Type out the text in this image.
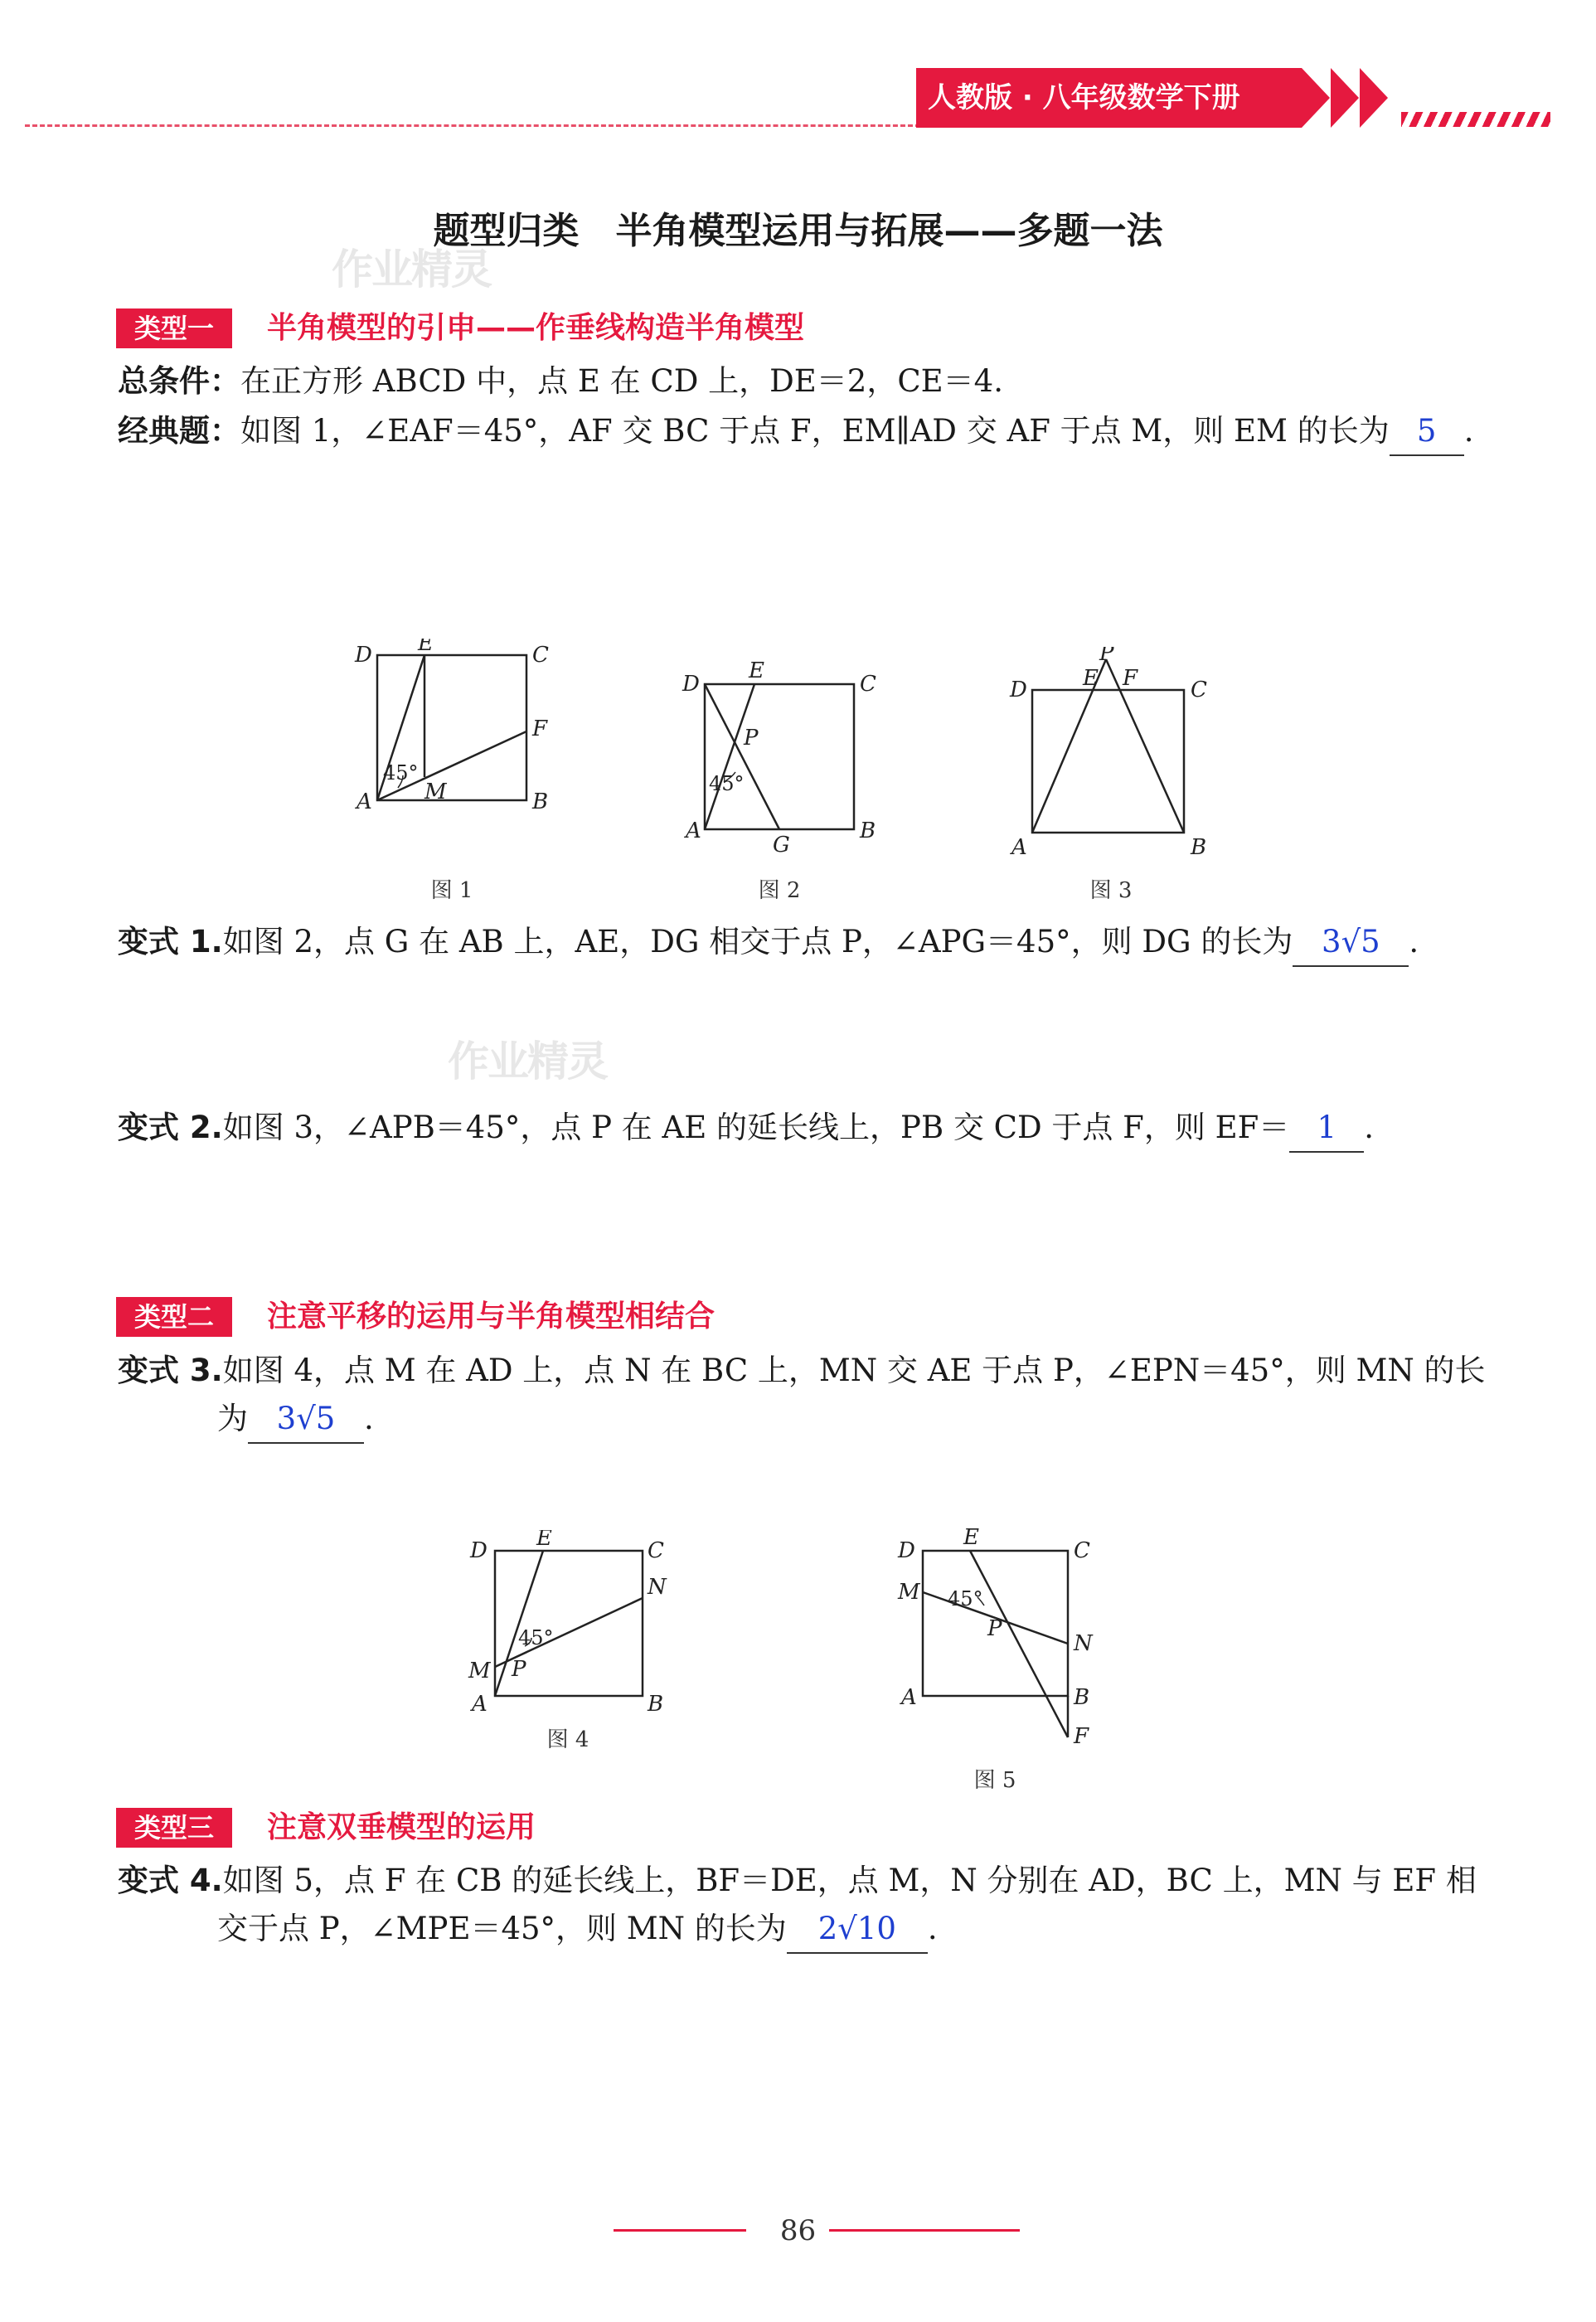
人教版 · 八年级数学下册
题型归类　半角模型运用与拓展——多题一法
作业精灵
作业精灵
类型一	半角模型的引申——作垂线构造半角模型
总条件：在正方形 ABCD 中，点 E 在 CD 上，DE＝2，CE＝4.
经典题：如图 1，∠EAF＝45°，AF 交 BC 于点 F，EM∥AD 交 AF 于点 M，则 EM 的长为 5 .
D E	C
F
A M	B
45°
图 1
D
E
C
P
A
G
B
45°
图 2
P
E F
D	C
A	B
图 3
变式 1.如图 2，点 G 在 AB 上，AE，DG 相交于点 P，∠APG＝45°，则 DG 的长为 3√5 .
变式 2.如图 3，∠APB＝45°，点 P 在 AE 的延长线上，PB 交 CD 于点 F，则 EF＝ 1 .
类型二	注意平移的运用与半角模型相结合
变式 3.如图 4，点 M 在 AD 上，点 N 在 BC 上，MN 交 AE 于点 P，∠EPN＝45°，则 MN 的长
为 3√5 .
D E	C
N
M P
A	B
45°
图 4
D
E
C
M
P
N
A	B
F
45°
图 5
类型三	注意双垂模型的运用
变式 4.如图 5，点 F 在 CB 的延长线上，BF＝DE，点 M，N 分别在 AD，BC 上，MN 与 EF 相
交于点 P，∠MPE＝45°，则 MN 的长为 2√10 .
86
